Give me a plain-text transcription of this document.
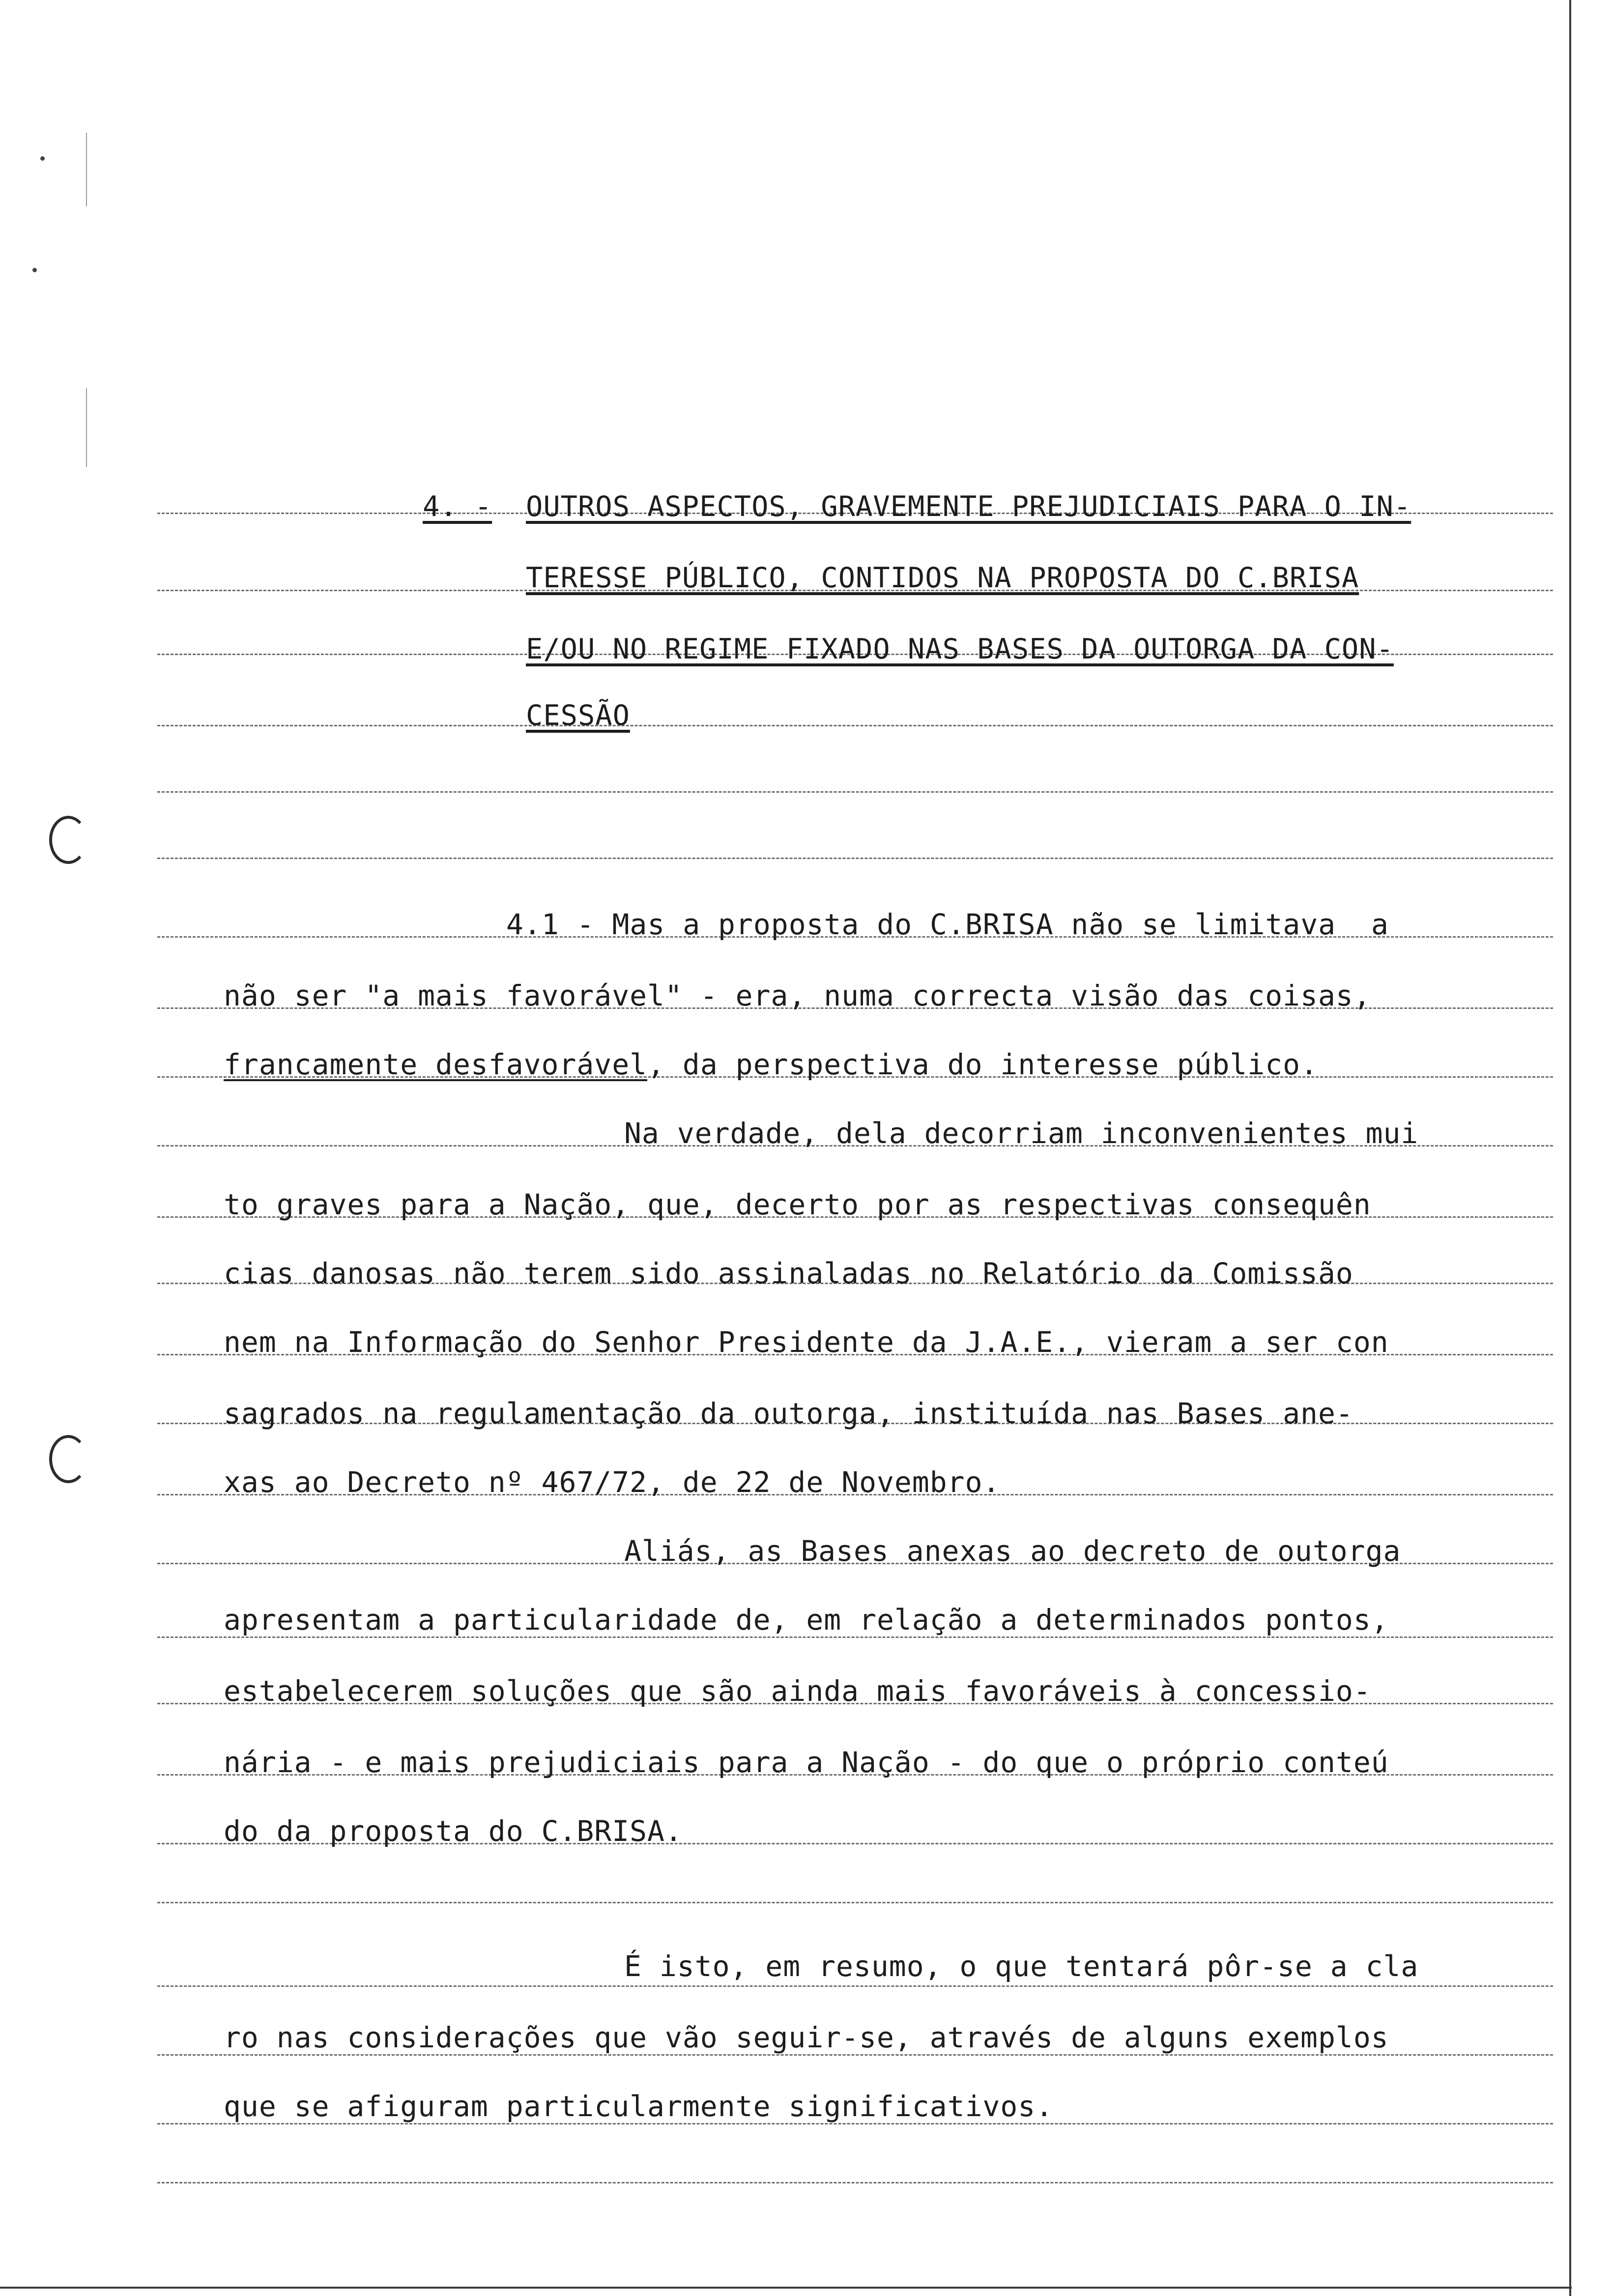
4. - OUTROS ASPECTOS, GRAVEMENTE PREJUDICIAIS PARA O IN-
TERESSE PÚBLICO, CONTIDOS NA PROPOSTA DO C.BRISA
E/OU NO REGIME FIXADO NAS BASES DA OUTORGA DA CON-
CESSÃO
4.1 - Mas a proposta do C.BRISA não se limitava  a
não ser "a mais favorável" - era, numa correcta visão das coisas,
francamente desfavorável, da perspectiva do interesse público.
Na verdade, dela decorriam inconvenientes mui
to graves para a Nação, que, decerto por as respectivas consequên
cias danosas não terem sido assinaladas no Relatório da Comissão
nem na Informação do Senhor Presidente da J.A.E., vieram a ser con
sagrados na regulamentação da outorga, instituída nas Bases ane-
xas ao Decreto nº 467/72, de 22 de Novembro.
Aliás, as Bases anexas ao decreto de outorga
apresentam a particularidade de, em relação a determinados pontos,
estabelecerem soluções que são ainda mais favoráveis à concessio-
nária - e mais prejudiciais para a Nação - do que o próprio conteú
do da proposta do C.BRISA.
É isto, em resumo, o que tentará pôr-se a cla
ro nas considerações que vão seguir-se, através de alguns exemplos
que se afiguram particularmente significativos.
